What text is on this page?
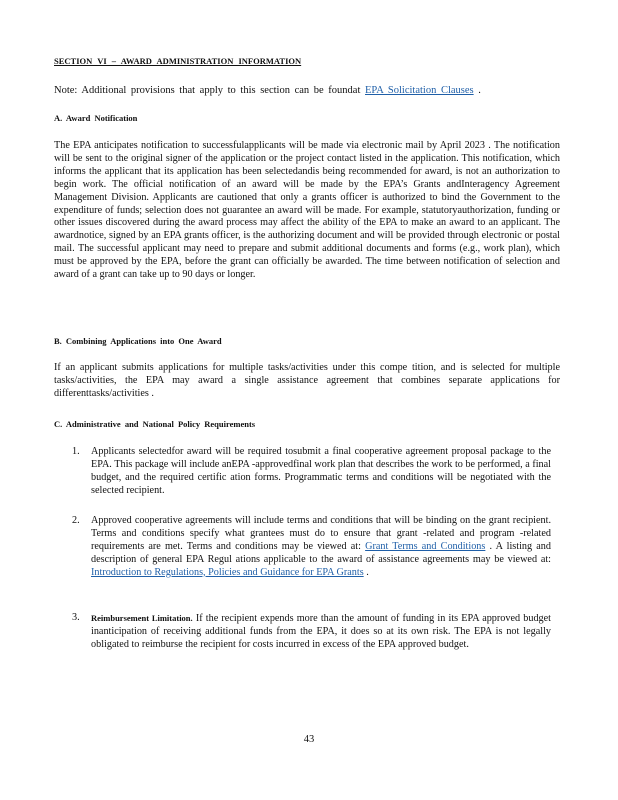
SECTION VI – AWARD ADMINISTRATION INFORMATION
Note: Additional provisions that apply to this section can be foundat EPA Solicitation Clauses .
A. Award Notification
The EPA anticipates notification to successfulapplicants will be made via electronic mail by April 2023 . The notification will be sent to the original signer of the application or the project contact listed in the application. This notification, which informs the applicant that its application has been selectedandis being recommended for award, is not an authorization to begin work. The official notification of an award will be made by the EPA’s Grants andInteragency Agreement Management Division. Applicants are cautioned that only a grants officer is authorized to bind the Government to the expenditure of funds; selection does not guarantee an award will be made. For example, statutoryauthorization, funding or other issues discovered during the award process may affect the ability of the EPA to make an award to an applicant. The awardnotice, signed by an EPA grants officer, is the authorizing document and will be provided through electronic or postal mail. The successful applicant may need to prepare and submit additional documents and forms (e.g., work plan), which must be approved by the EPA, before the grant can officially be awarded. The time between notification of selection and award of a grant can take up to 90 days or longer.
B. Combining Applications into One Award
If an applicant submits applications for multiple tasks/activities under this compe tition, and is selected for multiple tasks/activities, the EPA may award a single assistance agreement that combines separate applications for differenttasks/activities .
C. Administrative and National Policy Requirements
1.	Applicants selectedfor award will be required tosubmit a final cooperative agreement proposal package to the EPA. This package will include anEPA -approvedfinal work plan that describes the work to be performed, a final budget, and the required certific ation forms. Programmatic terms and conditions will be negotiated with the selected recipient.
2.	Approved cooperative agreements will include terms and conditions that will be binding on the grant recipient. Terms and conditions specify what grantees must do to ensure that grant -related and program -related requirements are met. Terms and conditions may be viewed at: Grant Terms and Conditions . A listing and description of general EPA Regul ations applicable to the award of assistance agreements may be viewed at: Introduction to Regulations, Policies and Guidance for EPA Grants .
3.	Reimbursement Limitation. If the recipient expends more than the amount of funding in its EPA approved budget inanticipation of receiving additional funds from the EPA, it does so at its own risk. The EPA is not legally obligated to reimburse the recipient for costs incurred in excess of the EPA approved budget.
43
